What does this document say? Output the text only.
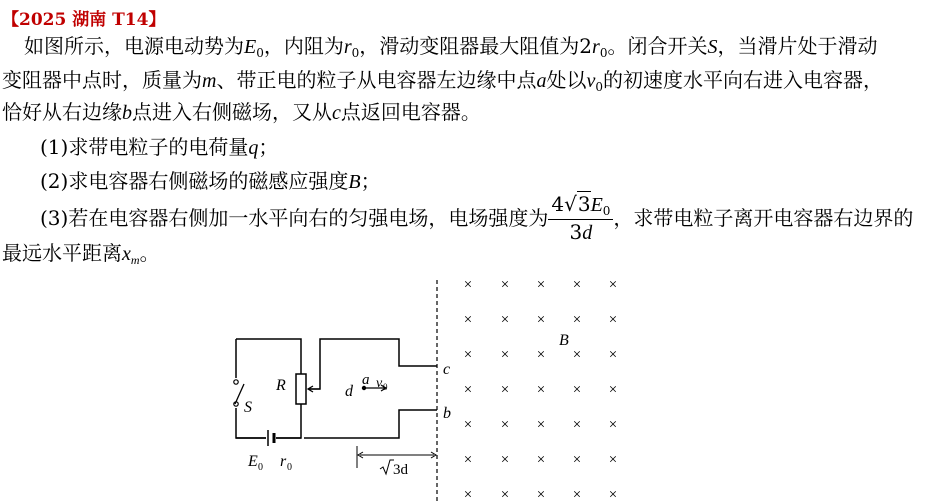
【2025 湖南 T14】
如图所示，电源电动势为$E_0$，内阻为$r_0$，滑动变阻器最大阻值为$2r_0$。闭合开关S，当滑片处于滑动
变阻器中点时，质量为m、带正电的粒子从电容器左边缘中点a处以$v_0$的初速度水平向右进入电容器，
恰好从右边缘b点进入右侧磁场，又从c点返回电容器。
(1)求带电粒子的电荷量q；
(2)求电容器右侧磁场的磁感应强度B；
(3)若在电容器右侧加一水平向右的匀强电场，电场强度为 $\frac{4√3E_0}{3d}$ ，求带电粒子离开电容器右边界的
最远水平距离$x_m$。
R
S
E 0 r 0
d
a v 0
c
b
B
3d
× × × × ×
× × × × ×
× × × × ×
× × × × ×
× × × × ×
× × × × ×
× × × × ×
